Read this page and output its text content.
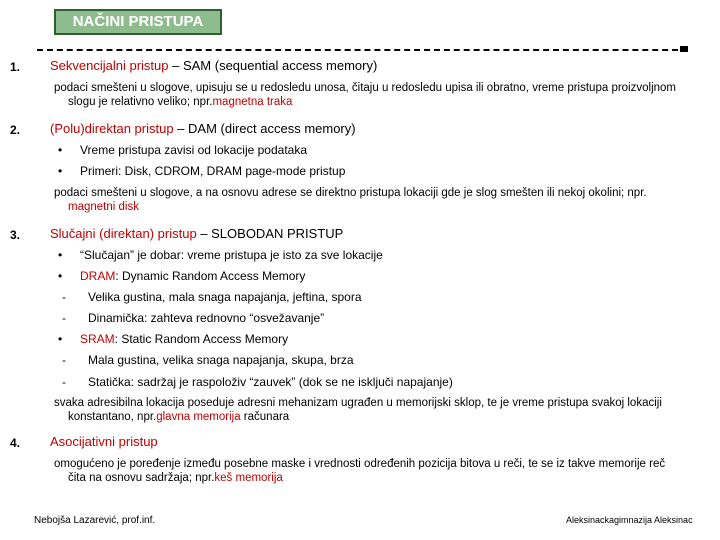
NAČINI PRISTUPA
1. Sekvencijalni pristup – SAM (sequential access memory)
podaci smešteni u slogove, upisuju se u redosledu unosa, čitaju u redosledu upisa ili obratno, vreme pristupa proizvoljnom
slogu je relativno veliko; npr.magnetna traka
2. (Polu)direktan pristup – DAM (direct access memory)
• Vreme pristupa zavisi od lokacije podataka
• Primeri: Disk, CDROM, DRAM page-mode pristup
podaci smešteni u slogove, a na osnovu adrese se direktno pristupa lokaciji gde je slog smešten ili nekoj okolini; npr.
magnetni disk
3. Slučajni (direktan) pristup – SLOBODAN PRISTUP
• “Slučajan” je dobar: vreme pristupa je isto za sve lokacije
• DRAM: Dynamic Random Access Memory
- Velika gustina, mala snaga napajanja, jeftina, spora
- Dinamička: zahteva rednovno “osvežavanje”
• SRAM: Static Random Access Memory
- Mala gustina, velika snaga napajanja, skupa, brza
- Statička: sadržaj je raspoloživ “zauvek” (dok se ne isključi napajanje)
svaka adresibilna lokacija poseduje adresni mehanizam ugrađen u memorijski sklop, te je vreme pristupa svakoj lokaciji
konstantano, npr.glavna memorija računara
4. Asocijativni pristup
omogućeno je poređenje između posebne maske i vrednosti određenih pozicija bitova u reči, te se iz takve memorije reč
čita na osnovu sadržaja; npr.keš memorija
Nebojša Lazarević, prof.inf.	Aleksinackagimnazija Aleksinac
